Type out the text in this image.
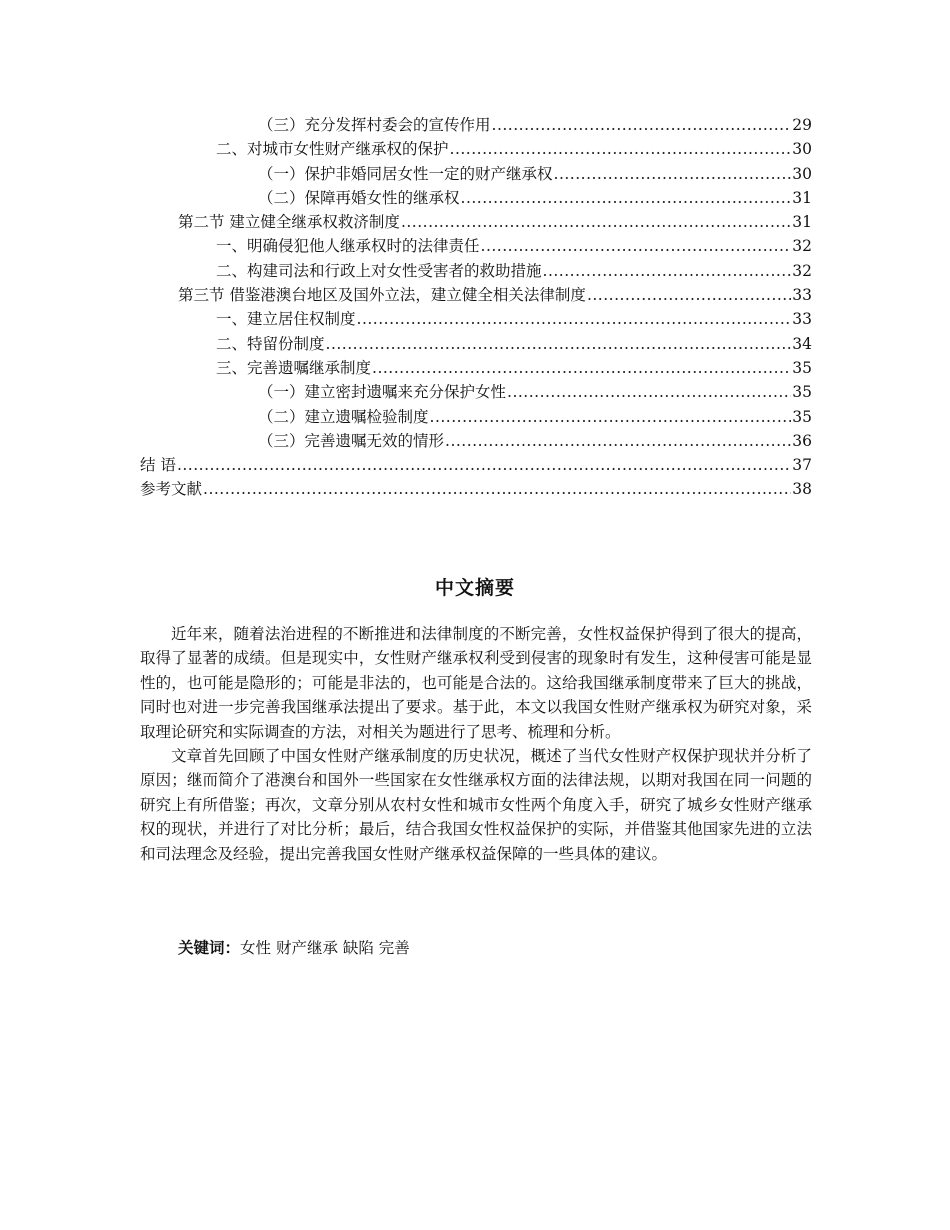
（三）充分发挥村委会的宣传作用 .....	29
二、对城市女性财产继承权的保护 .....	30
（一）保护非婚同居女性一定的财产继承权 .....	30
（二）保障再婚女性的继承权 .....	31
第二节 建立健全继承权救济制度 .....	31
一、明确侵犯他人继承权时的法律责任 .....	32
二、构建司法和行政上对女性受害者的救助措施 .....	32
第三节 借鉴港澳台地区及国外立法，建立健全相关法律制度 .....	33
一、建立居住权制度 .....	33
二、特留份制度 .....	34
三、完善遗嘱继承制度 .....	35
（一）建立密封遗嘱来充分保护女性 .....	35
（二）建立遗嘱检验制度 .....	35
（三）完善遗嘱无效的情形 .....	36
结 语 .....	37
参考文献 .....	38
中文摘要

近年来，随着法治进程的不断推进和法律制度的不断完善，女性权益保护得到了很大的提高，取得了显著的成绩。但是现实中，女性财产继承权利受到侵害的现象时有发生，这种侵害可能是显性的，也可能是隐形的；可能是非法的，也可能是合法的。这给我国继承制度带来了巨大的挑战，同时也对进一步完善我国继承法提出了要求。基于此，本文以我国女性财产继承权为研究对象，采取理论研究和实际调查的方法，对相关为题进行了思考、梳理和分析。

文章首先回顾了中国女性财产继承制度的历史状况，概述了当代女性财产权保护现状并分析了原因；继而简介了港澳台和国外一些国家在女性继承权方面的法律法规，以期对我国在同一问题的研究上有所借鉴；再次，文章分别从农村女性和城市女性两个角度入手，研究了城乡女性财产继承权的现状，并进行了对比分析；最后，结合我国女性权益保护的实际，并借鉴其他国家先进的立法和司法理念及经验，提出完善我国女性财产继承权益保障的一些具体的建议。

关键词：女性 财产继承 缺陷 完善
